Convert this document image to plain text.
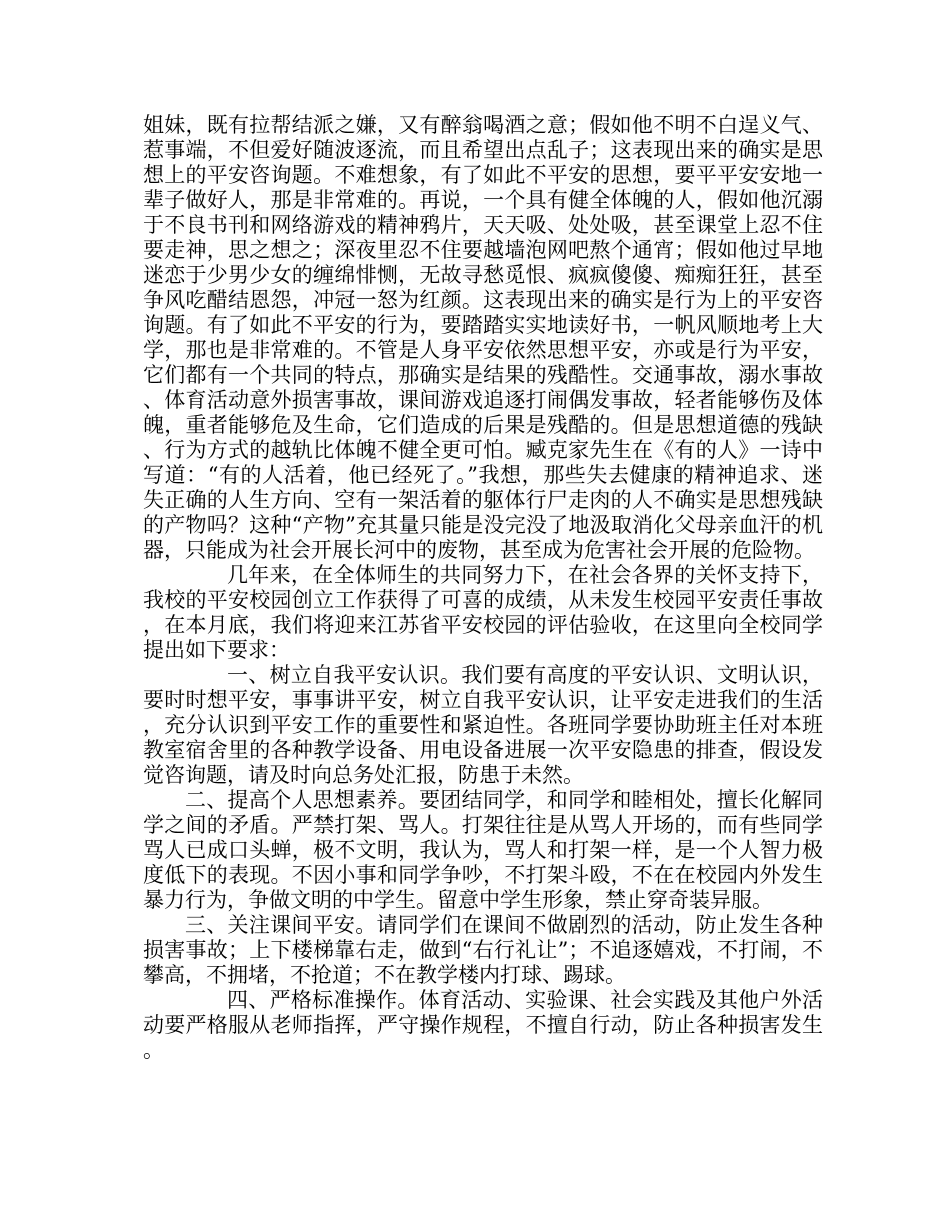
姐妹，既有拉帮结派之嫌，又有醉翁喝酒之意；假如他不明不白逞义气、惹事端，不但爱好随波逐流，而且希望出点乱子；这表现出来的确实是思想上的平安咨询题。不难想象，有了如此不平安的思想，要平平安安地一辈子做好人，那是非常难的。再说，一个具有健全体魄的人，假如他沉溺于不良书刊和网络游戏的精神鸦片，天天吸、处处吸，甚至课堂上忍不住要走神，思之想之；深夜里忍不住要越墙泡网吧熬个通宵；假如他过早地迷恋于少男少女的缠绵悱恻，无故寻愁觅恨、疯疯傻傻、痴痴狂狂，甚至争风吃醋结恩怨，冲冠一怒为红颜。这表现出来的确实是行为上的平安咨询题。有了如此不平安的行为，要踏踏实实地读好书，一帆风顺地考上大学，那也是非常难的。不管是人身平安依然思想平安，亦或是行为平安，它们都有一个共同的特点，那确实是结果的残酷性。交通事故，溺水事故、体育活动意外损害事故，课间游戏追逐打闹偶发事故，轻者能够伤及体魄，重者能够危及生命，它们造成的后果是残酷的。但是思想道德的残缺、行为方式的越轨比体魄不健全更可怕。臧克家先生在《有的人》一诗中写道：“有的人活着，他已经死了。”我想，那些失去健康的精神追求、迷失正确的人生方向、空有一架活着的躯体行尸走肉的人不确实是思想残缺的产物吗？这种“产物”充其量只能是没完没了地汲取消化父母亲血汗的机器，只能成为社会开展长河中的废物，甚至成为危害社会开展的危险物。

几年来，在全体师生的共同努力下，在社会各界的关怀支持下，我校的平安校园创立工作获得了可喜的成绩，从未发生校园平安责任事故，在本月底，我们将迎来江苏省平安校园的评估验收，在这里向全校同学提出如下要求：

一、树立自我平安认识。我们要有高度的平安认识、文明认识，要时时想平安，事事讲平安，树立自我平安认识，让平安走进我们的生活，充分认识到平安工作的重要性和紧迫性。各班同学要协助班主任对本班教室宿舍里的各种教学设备、用电设备进展一次平安隐患的排查，假设发觉咨询题，请及时向总务处汇报，防患于未然。

二、提高个人思想素养。要团结同学，和同学和睦相处，擅长化解同学之间的矛盾。严禁打架、骂人。打架往往是从骂人开场的，而有些同学骂人已成口头蝉，极不文明，我认为，骂人和打架一样，是一个人智力极度低下的表现。不因小事和同学争吵，不打架斗殴，不在在校园内外发生暴力行为，争做文明的中学生。留意中学生形象，禁止穿奇装异服。

三、关注课间平安。请同学们在课间不做剧烈的活动，防止发生各种损害事故；上下楼梯靠右走，做到“右行礼让”；不追逐嬉戏，不打闹，不攀高，不拥堵，不抢道；不在教学楼内打球、踢球。

四、严格标准操作。体育活动、实验课、社会实践及其他户外活动要严格服从老师指挥，严守操作规程，不擅自行动，防止各种损害发生。
